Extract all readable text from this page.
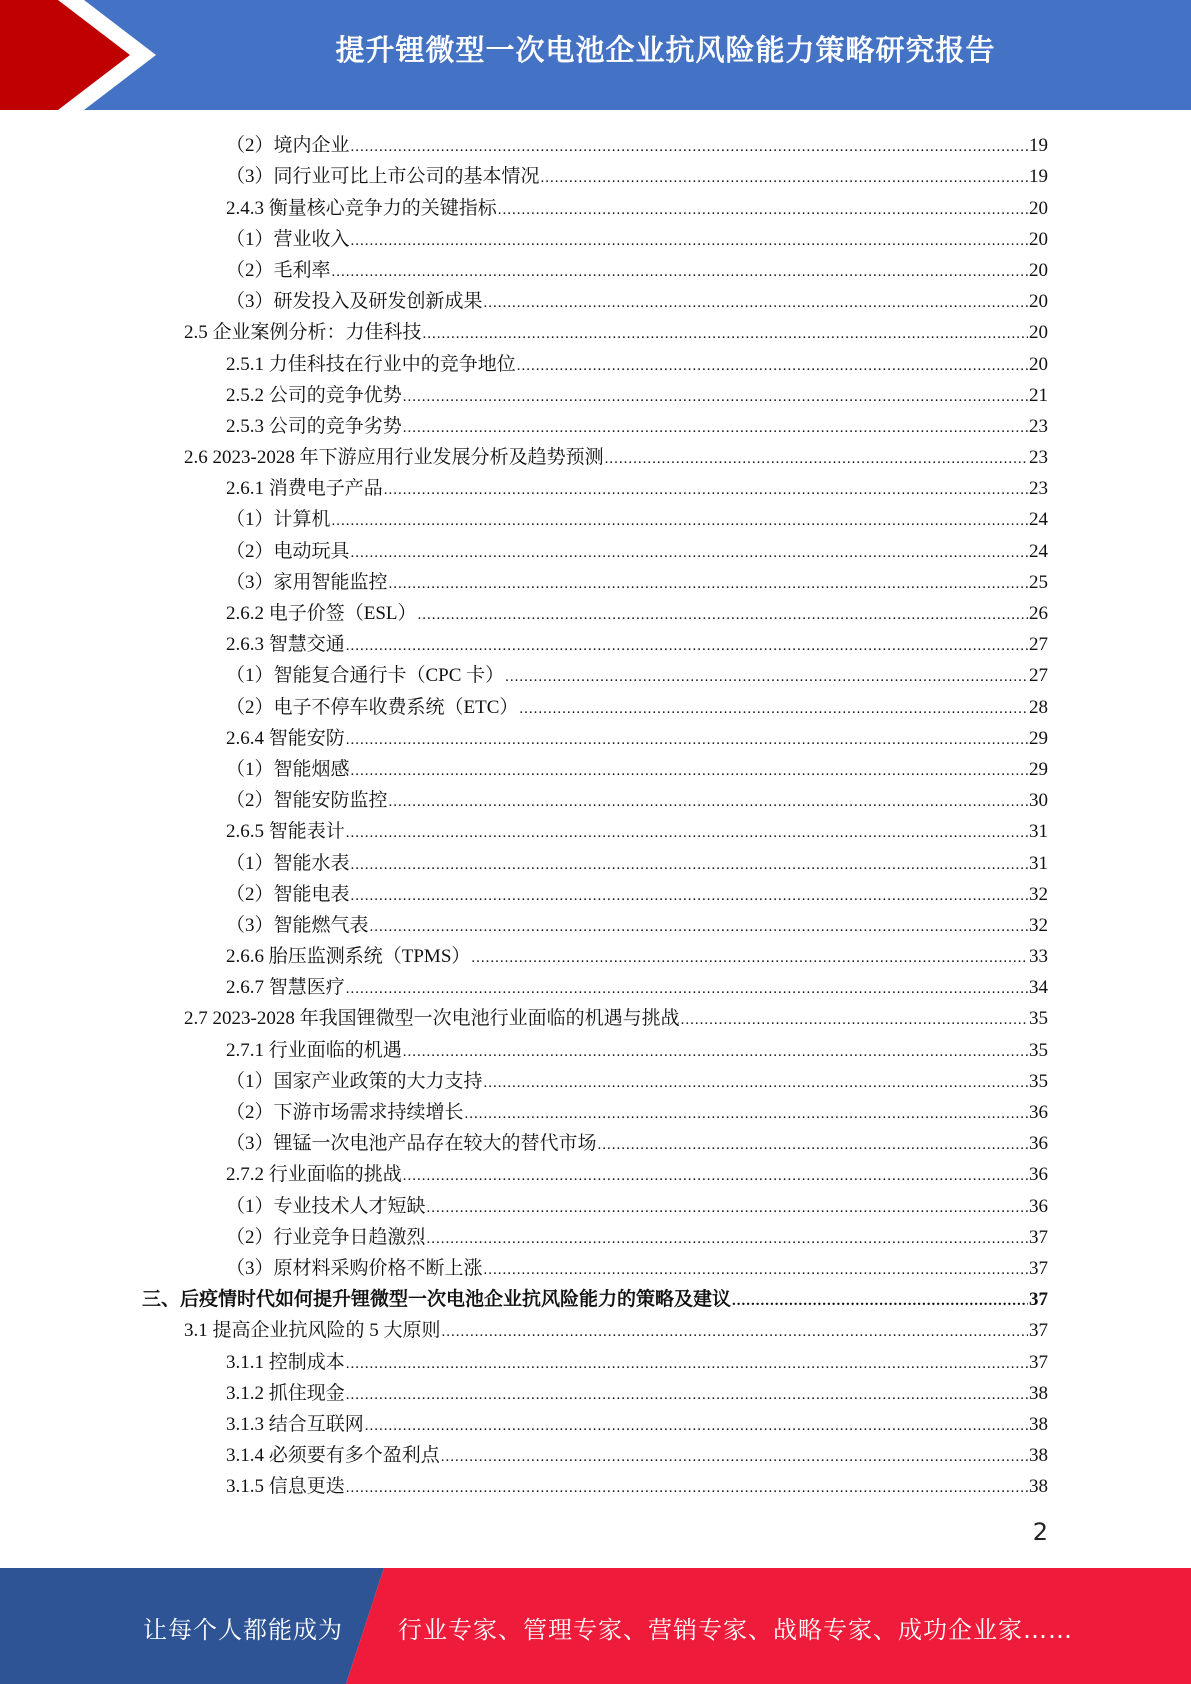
提升锂微型一次电池企业抗风险能力策略研究报告
（2）境内企业 .....	19
（3）同行业可比上市公司的基本情况 .....	19
2.4.3 衡量核心竞争力的关键指标 .....	20
（1）营业收入 .....	20
（2）毛利率 .....	20
（3）研发投入及研发创新成果 .....	20
2.5 企业案例分析：力佳科技 .....	20
2.5.1 力佳科技在行业中的竞争地位 .....	20
2.5.2 公司的竞争优势 .....	21
2.5.3 公司的竞争劣势 .....	23
2.6 2023-2028 年下游应用行业发展分析及趋势预测 .....	23
2.6.1 消费电子产品 .....	23
（1）计算机 .....	24
（2）电动玩具 .....	24
（3）家用智能监控 .....	25
2.6.2 电子价签（ESL） .....	26
2.6.3 智慧交通 .....	27
（1）智能复合通行卡（CPC 卡） .....	27
（2）电子不停车收费系统（ETC） .....	28
2.6.4 智能安防 .....	29
（1）智能烟感 .....	29
（2）智能安防监控 .....	30
2.6.5 智能表计 .....	31
（1）智能水表 .....	31
（2）智能电表 .....	32
（3）智能燃气表 .....	32
2.6.6 胎压监测系统（TPMS） .....	33
2.6.7 智慧医疗 .....	34
2.7 2023-2028 年我国锂微型一次电池行业面临的机遇与挑战 .....	35
2.7.1 行业面临的机遇 .....	35
（1）国家产业政策的大力支持 .....	35
（2）下游市场需求持续增长 .....	36
（3）锂锰一次电池产品存在较大的替代市场 .....	36
2.7.2 行业面临的挑战 .....	36
（1）专业技术人才短缺 .....	36
（2）行业竞争日趋激烈 .....	37
（3）原材料采购价格不断上涨 .....	37
三、后疫情时代如何提升锂微型一次电池企业抗风险能力的策略及建议 .....	37
3.1 提高企业抗风险的 5 大原则 .....	37
3.1.1 控制成本 .....	37
3.1.2 抓住现金 .....	38
3.1.3 结合互联网 .....	38
3.1.4 必须要有多个盈利点 .....	38
3.1.5 信息更迭 .....	38
2
让每个人都能成为 行业专家、管理专家、营销专家、战略专家、成功企业家……
